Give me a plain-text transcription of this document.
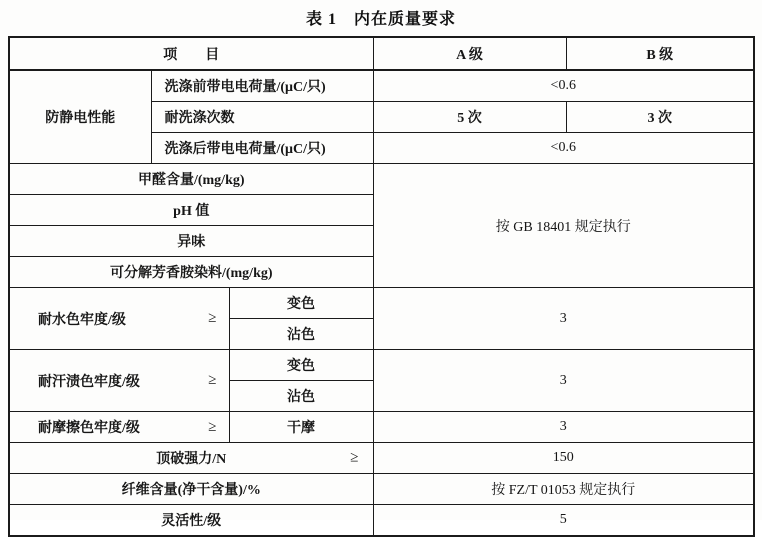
表 1　内在质量要求
项　　目			A 级	B 级
防静电性能	洗涤前带电电荷量/(μC/只)		<0.6	
	耐洗涤次数		5 次	3 次
	洗涤后带电电荷量/(μC/只)		<0.6	
甲醛含量/(mg/kg)			按 GB 18401 规定执行	
pH 值				
异味				
可分解芳香胺染料/(mg/kg)				

耐水色牢度/级 ≥		变色	3	
		沾色		

耐汗渍色牢度/级 ≥		变色	3	
		沾色		

耐摩擦色牢度/级 ≥		干摩	3	
顶破强力/N ≥			150	
纤维含量(净干含量)/%			按 FZ/T 01053 规定执行	
灵活性/级			5	
